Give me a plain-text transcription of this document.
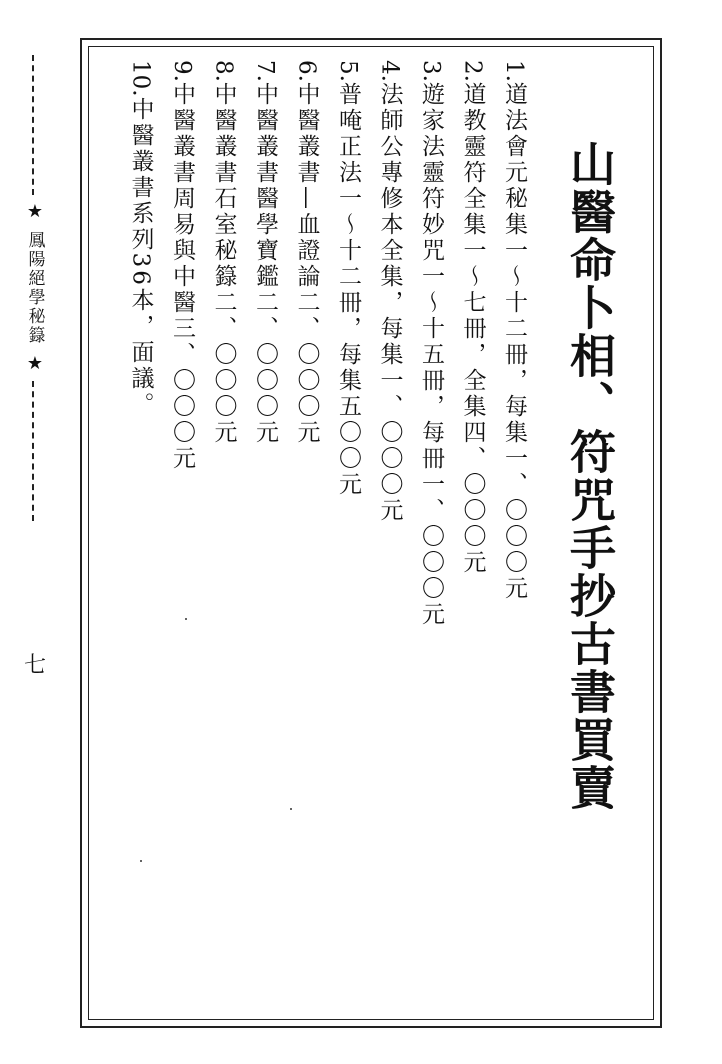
★
鳳陽絕學秘籙
★
七	山醫命卜相、符咒手抄古書買賣

1.道法會元秘集一～十二冊，每集一、〇〇〇元

2.道教靈符全集一～七冊，全集四、〇〇〇元

3.遊家法靈符妙咒一～十五冊，每冊一、〇〇〇元

4.法師公專修本全集，每集一、〇〇〇元

5.普唵正法一～十二冊，每集五〇〇元

6.中醫叢書—血證論二、〇〇〇元

7.中醫叢書醫學寶鑑二、〇〇〇元

8.中醫叢書石室秘籙二、〇〇〇元

9.中醫叢書周易與中醫三、〇〇〇元

10.中醫叢書系列36本，面議。
